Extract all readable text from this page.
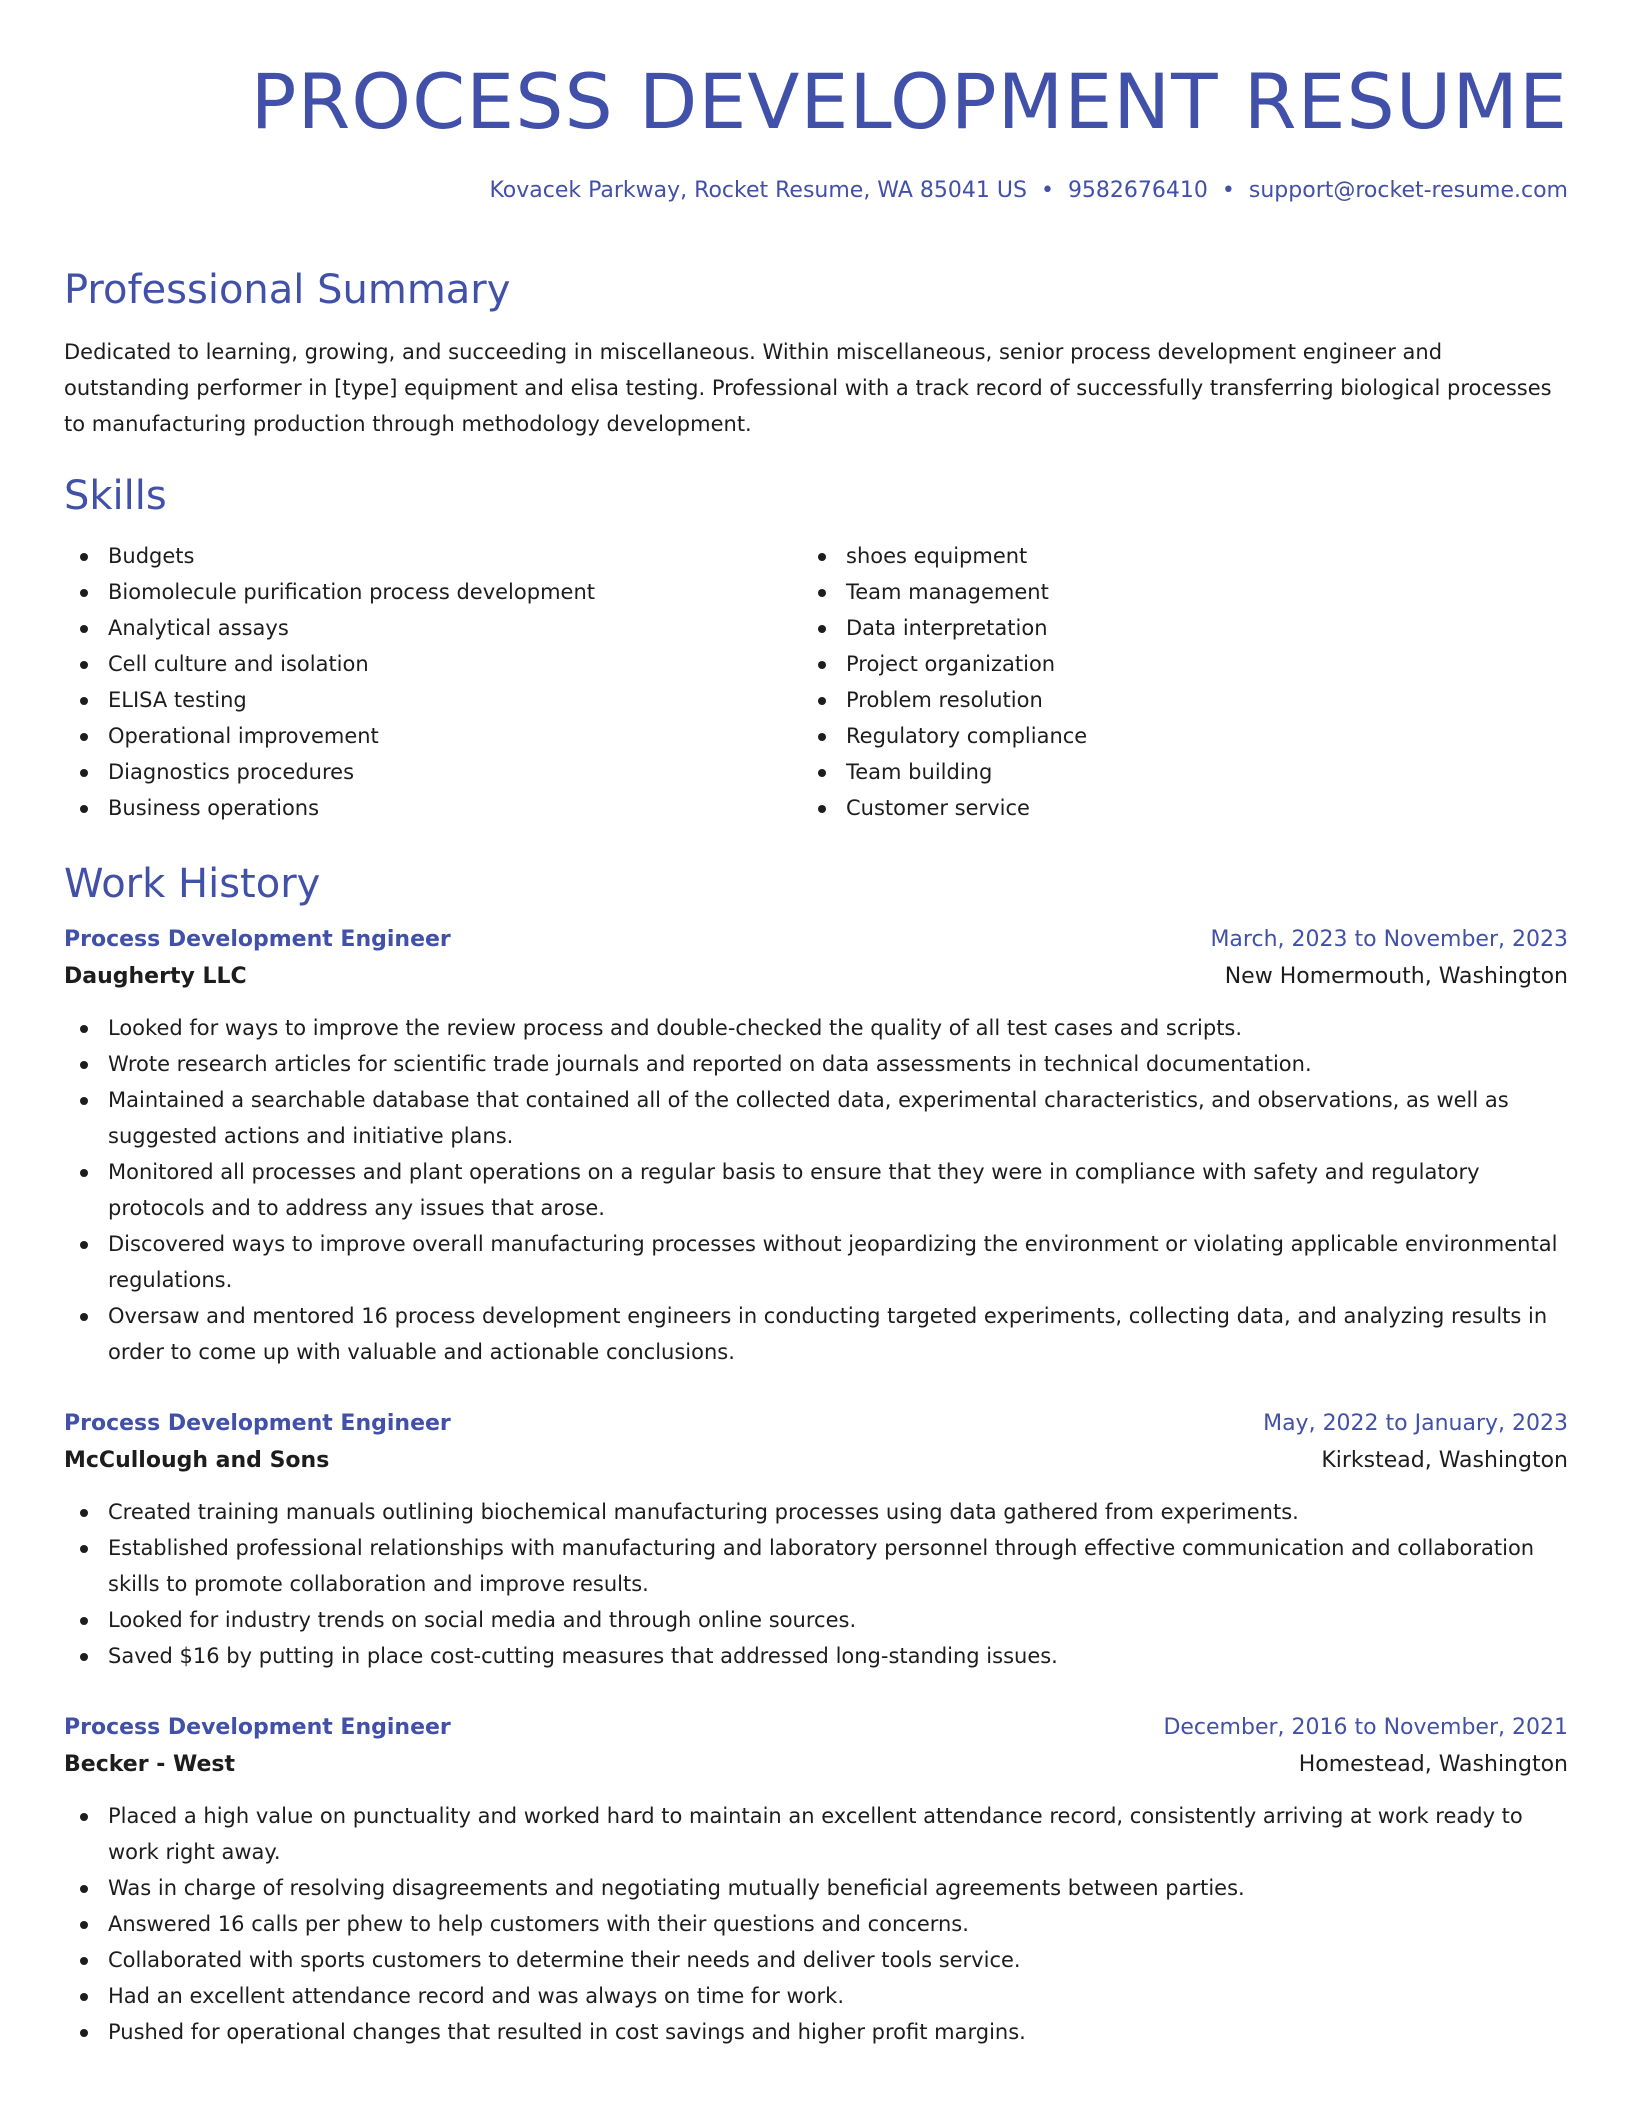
PROCESS DEVELOPMENT RESUME
Kovacek Parkway, Rocket Resume, WA 85041 US • 9582676410 • support@rocket-resume.com
Professional Summary

Dedicated to learning, growing, and succeeding in miscellaneous. Within miscellaneous, senior process development engineer and outstanding performer in [type] equipment and elisa testing. Professional with a track record of successfully transferring biological processes to manufacturing production through methodology development.

Skills
Budgets
Biomolecule purification process development
Analytical assays
Cell culture and isolation
ELISA testing
Operational improvement
Diagnostics procedures
Business operations
shoes equipment
Team management
Data interpretation
Project organization
Problem resolution
Regulatory compliance
Team building
Customer service
Work History
Process Development Engineer	March, 2023 to November, 2023
Daugherty LLC	New Homermouth, Washington
Looked for ways to improve the review process and double-checked the quality of all test cases and scripts.
Wrote research articles for scientific trade journals and reported on data assessments in technical documentation.
Maintained a searchable database that contained all of the collected data, experimental characteristics, and observations, as well as suggested actions and initiative plans.
Monitored all processes and plant operations on a regular basis to ensure that they were in compliance with safety and regulatory protocols and to address any issues that arose.
Discovered ways to improve overall manufacturing processes without jeopardizing the environment or violating applicable environmental regulations.
Oversaw and mentored 16 process development engineers in conducting targeted experiments, collecting data, and analyzing results in order to come up with valuable and actionable conclusions.
Process Development Engineer	May, 2022 to January, 2023
McCullough and Sons	Kirkstead, Washington
Created training manuals outlining biochemical manufacturing processes using data gathered from experiments.
Established professional relationships with manufacturing and laboratory personnel through effective communication and collaboration skills to promote collaboration and improve results.
Looked for industry trends on social media and through online sources.
Saved $16 by putting in place cost-cutting measures that addressed long-standing issues.
Process Development Engineer	December, 2016 to November, 2021
Becker - West	Homestead, Washington
Placed a high value on punctuality and worked hard to maintain an excellent attendance record, consistently arriving at work ready to work right away.
Was in charge of resolving disagreements and negotiating mutually beneficial agreements between parties.
Answered 16 calls per phew to help customers with their questions and concerns.
Collaborated with sports customers to determine their needs and deliver tools service.
Had an excellent attendance record and was always on time for work.
Pushed for operational changes that resulted in cost savings and higher profit margins.
